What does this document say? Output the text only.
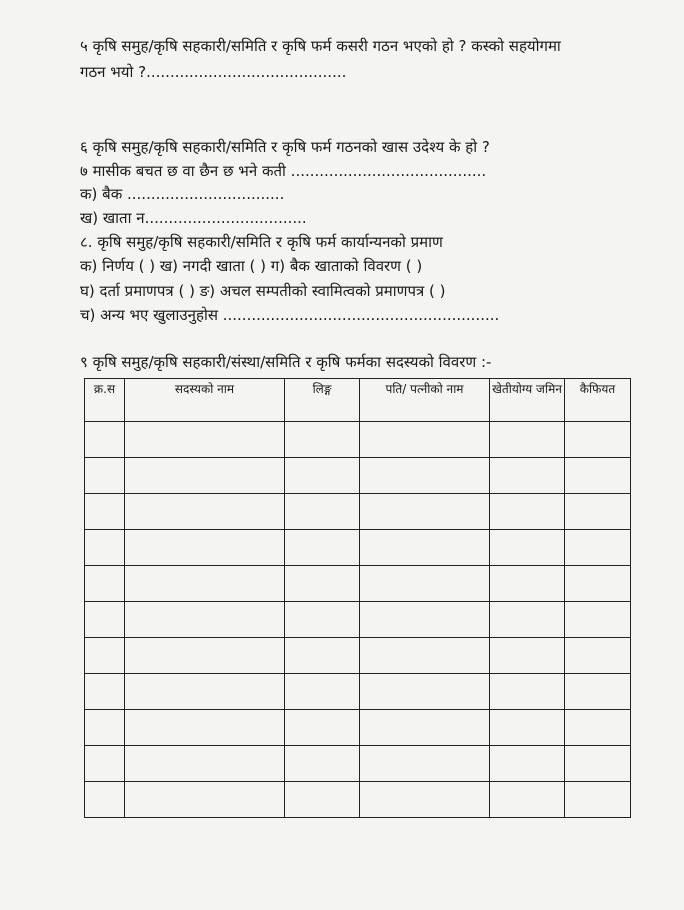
५ कृषि समुह/कृषि सहकारी/समिति र कृषि फर्म कसरी गठन भएको हो ? कस्को सहयोगमा
गठन भयो ?..........................................
६ कृषि समुह/कृषि सहकारी/समिति र कृषि फर्म गठनको खास उदेश्य के हो ?
७ मासीक बचत छ वा छैन छ भने कती .........................................
क) बैक .................................
ख) खाता न..................................
८. कृषि समुह/कृषि सहकारी/समिति र कृषि फर्म कार्यान्यनको प्रमाण
क) निर्णय ( ) ख) नगदी खाता ( ) ग) बैक खाताको विवरण ( )
घ) दर्ता प्रमाणपत्र ( ) ङ) अचल सम्पतीको स्वामित्वको प्रमाणपत्र ( )
च) अन्य भए खुलाउनुहोस ..........................................................
९ कृषि समुह/कृषि सहकारी/संस्था/समिति र कृषि फर्मका सदस्यको विवरण :-
क्र.स	सदस्यको नाम	लिङ्ग	पति/ पत्नीको नाम	खेतीयोग्य जमिन	कैफियत
